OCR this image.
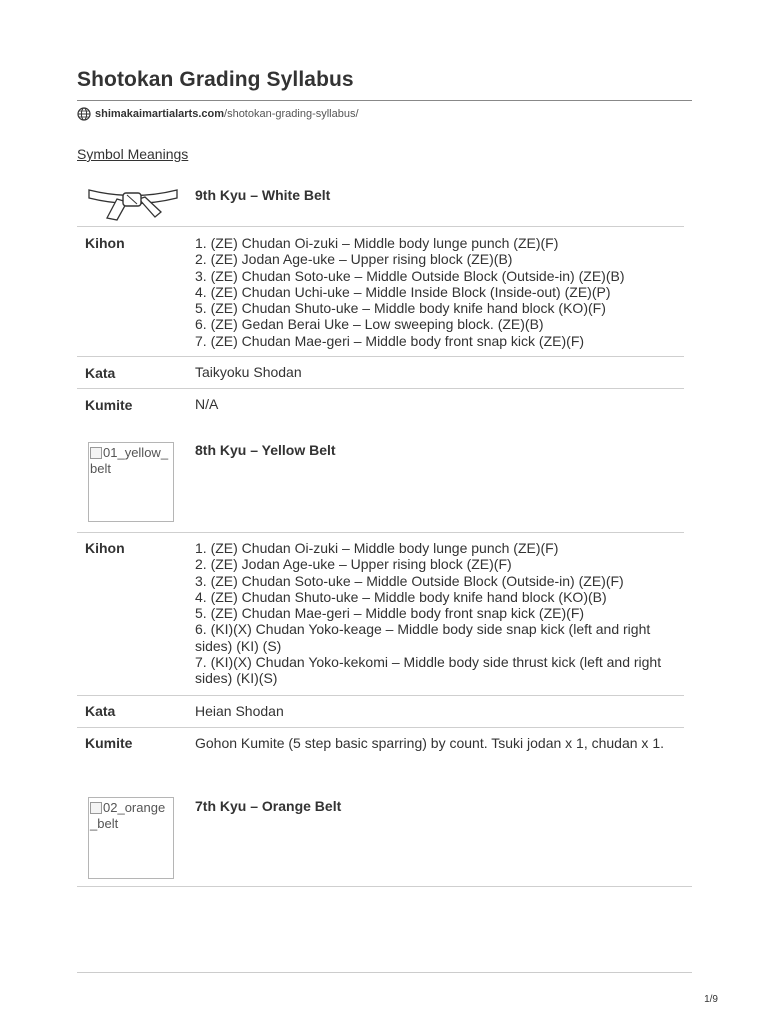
Shotokan Grading Syllabus
shimakaimartialarts.com /shotokan-grading-syllabus/
Symbol Meanings
9th Kyu – White Belt
Kihon	1. (ZE) Chudan Oi-zuki – Middle body lunge punch (ZE)(F)
2. (ZE) Jodan Age-uke – Upper rising block (ZE)(B)
3. (ZE) Chudan Soto-uke – Middle Outside Block (Outside-in) (ZE)(B)
4. (ZE) Chudan Uchi-uke – Middle Inside Block (Inside-out) (ZE)(P)
5. (ZE) Chudan Shuto-uke – Middle body knife hand block (KO)(F)
6. (ZE) Gedan Berai Uke – Low sweeping block. (ZE)(B)
7. (ZE) Chudan Mae-geri – Middle body front snap kick (ZE)(F)
Kata	Taikyoku Shodan
Kumite	N/A
01_yellow_belt
8th Kyu – Yellow Belt
Kihon	1. (ZE) Chudan Oi-zuki – Middle body lunge punch (ZE)(F)
2. (ZE) Jodan Age-uke – Upper rising block (ZE)(F)
3. (ZE) Chudan Soto-uke – Middle Outside Block (Outside-in) (ZE)(F)
4. (ZE) Chudan Shuto-uke – Middle body knife hand block (KO)(B)
5. (ZE) Chudan Mae-geri – Middle body front snap kick (ZE)(F)
6. (KI)(X) Chudan Yoko-keage – Middle body side snap kick (left and right sides) (KI) (S)
7. (KI)(X) Chudan Yoko-kekomi – Middle body side thrust kick (left and right sides) (KI)(S)
Kata	Heian Shodan
Kumite	Gohon Kumite (5 step basic sparring) by count. Tsuki jodan x 1, chudan x 1.
02_orange_belt
7th Kyu – Orange Belt
1/9
